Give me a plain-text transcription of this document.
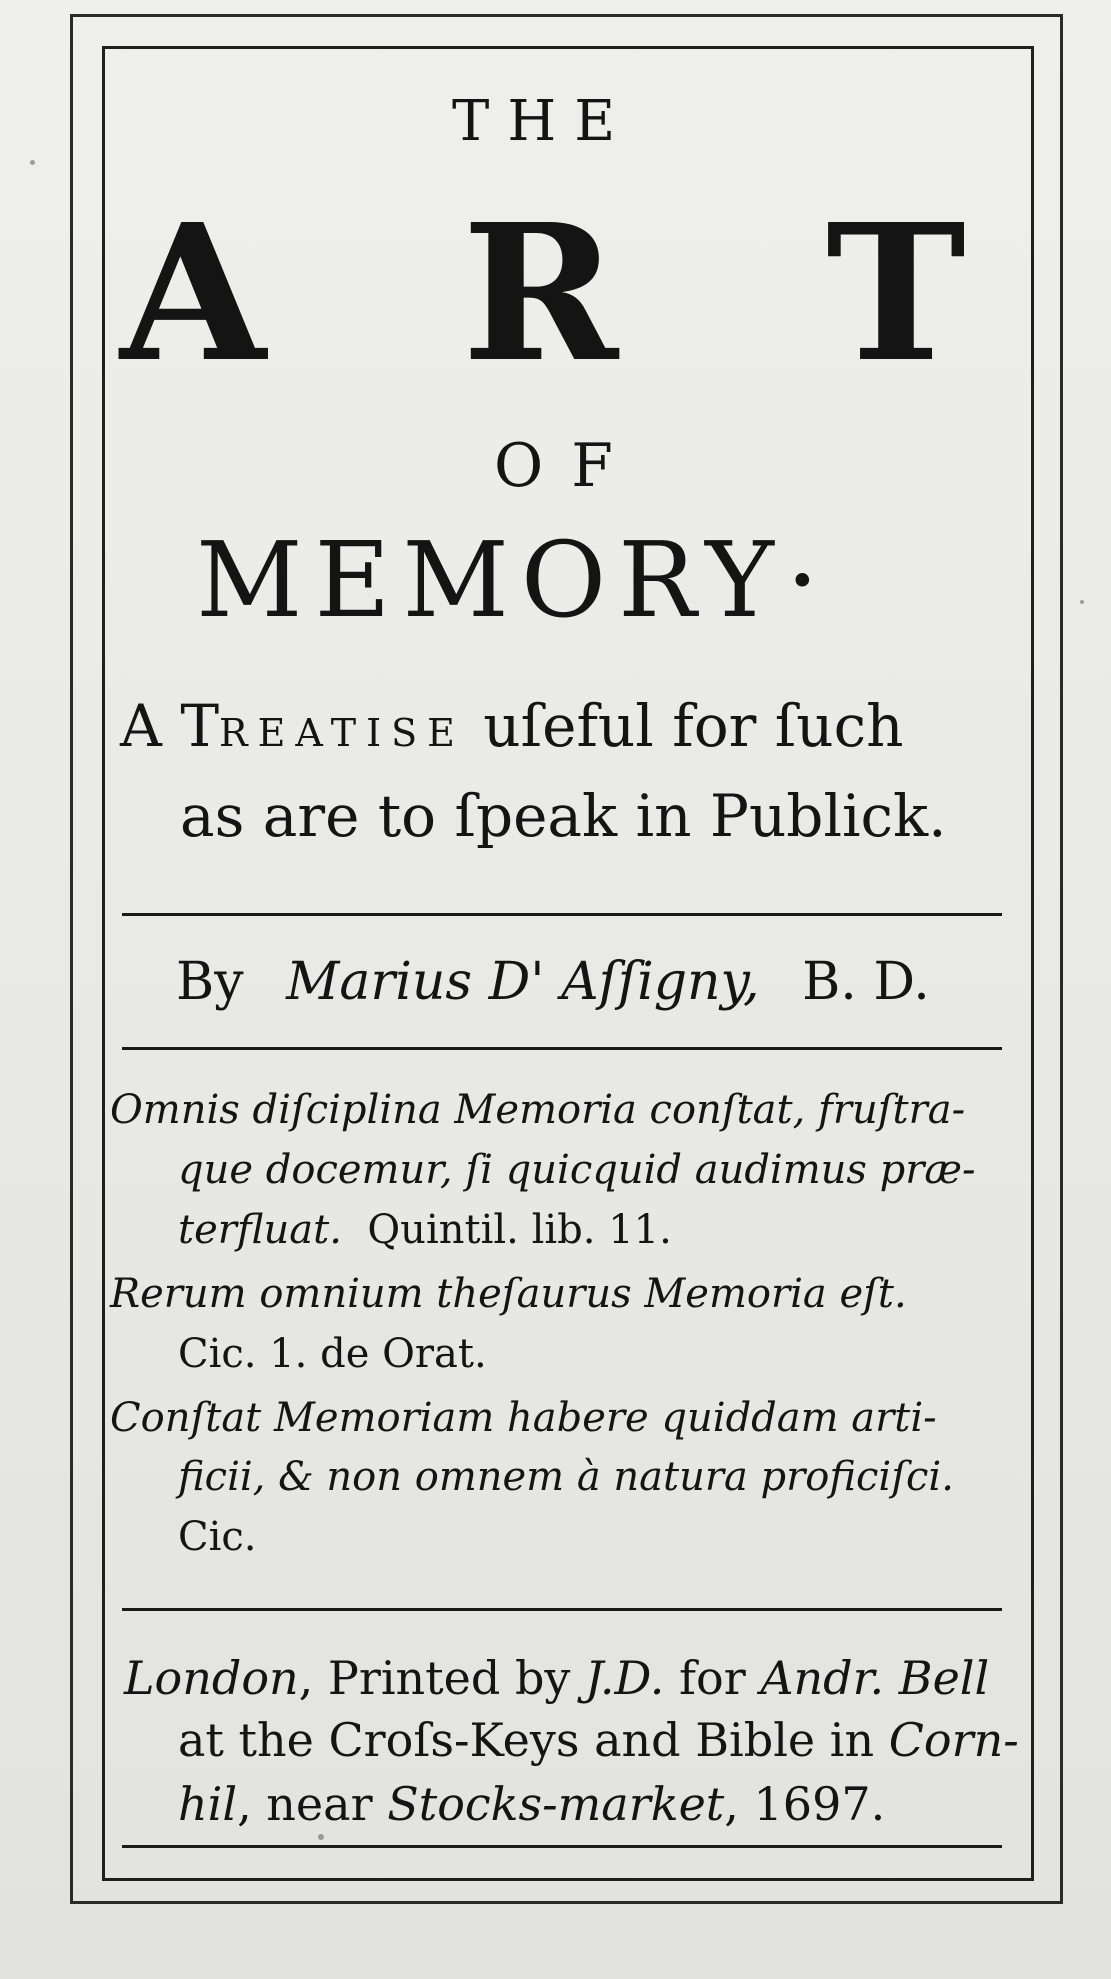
THE
A R T
OF
MEMORY·
A TREATISE uſeful for ſuch
as are to ſpeak in Publick.
By Marius D' Aſſigny, B. D.
Omnis diſciplina Memoria conſtat, fruſtra-
que docemur, ſi quicquid audimus præ-
terfluat.  Quintil. lib. 11.
Rerum omnium theſaurus Memoria eſt.
Cic. 1. de Orat.
Conſtat Memoriam habere quiddam arti-
ficii, & non omnem à natura proficiſci.
Cic.
London, Printed by J.D. for Andr. Bell
at the Croſs-Keys and Bible in Corn-
hil, near Stocks-market, 1697.
